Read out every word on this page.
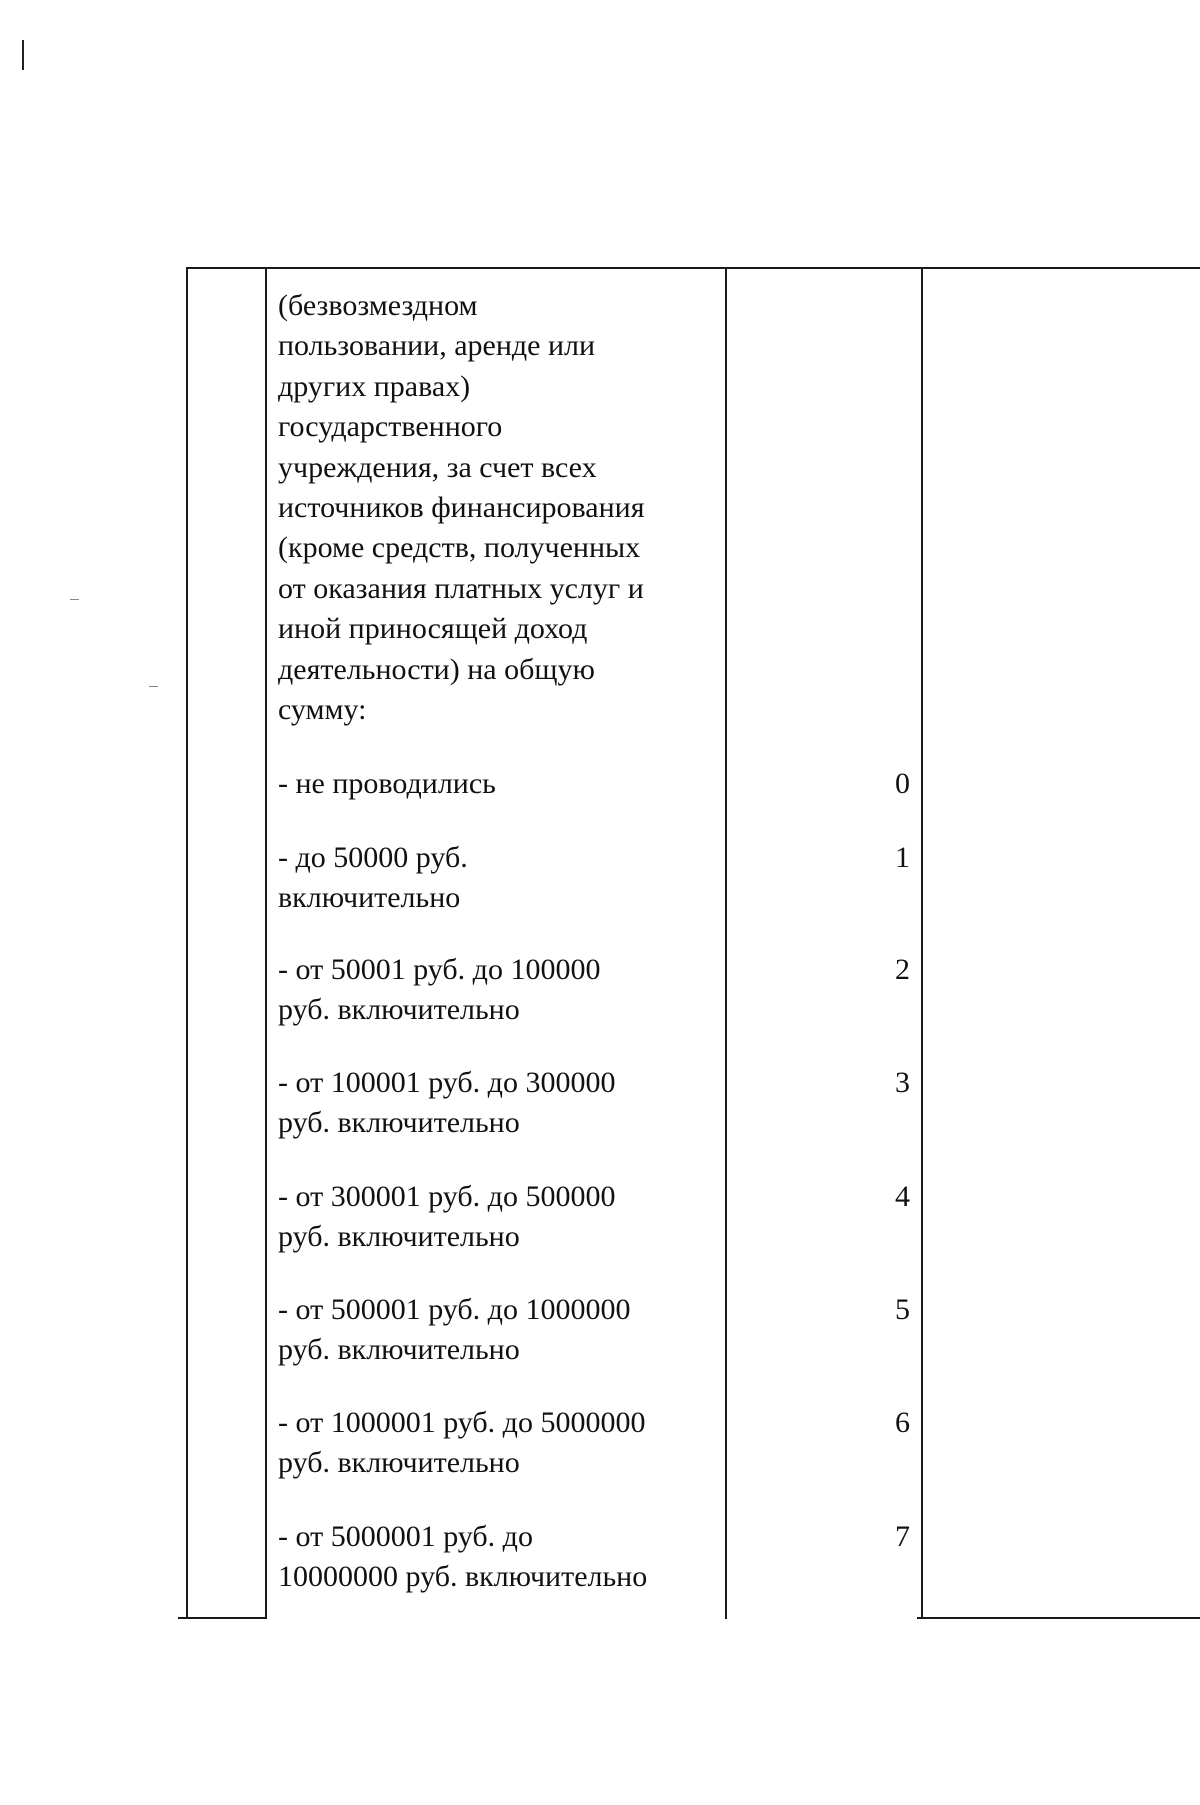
(безвозмездном
пользовании, аренде или
других правах)
государственного
учреждения, за счет всех
источников финансирования
(кроме средств, полученных
от оказания платных услуг и
иной приносящей доход
деятельности) на общую
сумму:
- не проводились	0
- до 50000 руб.
включительно
1
- от 50001 руб. до 100000
руб. включительно
2
- от 100001 руб. до 300000
руб. включительно
3
- от 300001 руб. до 500000
руб. включительно
4
- от 500001 руб. до 1000000
руб. включительно
5
- от 1000001 руб. до 5000000
руб. включительно
6
- от 5000001 руб. до
10000000 руб. включительно
7
